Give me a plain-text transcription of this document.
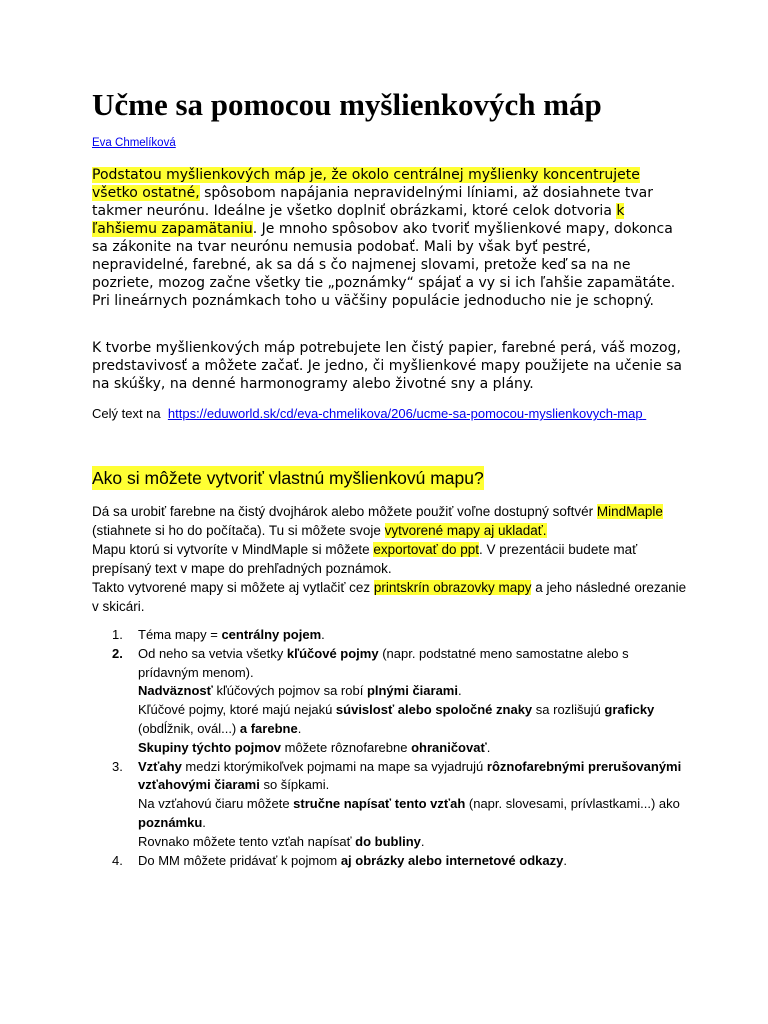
Učme sa pomocou myšlienkových máp
Eva Chmelíková

Podstatou myšlienkových máp je, že okolo centrálnej myšlienky koncentrujete všetko ostatné, spôsobom napájania nepravidelnými líniami, až dosiahnete tvar takmer neurónu. Ideálne je všetko doplniť obrázkami, ktoré celok dotvoria k ľahšiemu zapamätaniu. Je mnoho spôsobov ako tvoriť myšlienkové mapy, dokonca sa zákonite na tvar neurónu nemusia podobať. Mali by však byť pestré, nepravidelné, farebné, ak sa dá s čo najmenej slovami, pretože keď sa na ne pozriete, mozog začne všetky tie „poznámky“ spájať a vy si ich ľahšie zapamätáte. Pri lineárnych poznámkach toho u väčšiny populácie jednoducho nie je schopný.

K tvorbe myšlienkových máp potrebujete len čistý papier, farebné perá, váš mozog, predstavivosť a môžete začať. Je jedno, či myšlienkové mapy použijete na učenie sa na skúšky, na denné harmonogramy alebo životné sny a plány.

Celý text na https://eduworld.sk/cd/eva-chmelikova/206/ucme-sa-pomocou-myslienkovych-map
Ako si môžete vytvoriť vlastnú myšlienkovú mapu?

Dá sa urobiť farebne na čistý dvojhárok alebo môžete použiť voľne dostupný softvér MindMaple (stiahnete si ho do počítača). Tu si môžete svoje vytvorené mapy aj ukladať.
Mapu ktorú si vytvoríte v MindMaple si môžete exportovať do ppt. V prezentácii budete mať prepísaný text v mape do prehľadných poznámok.
Takto vytvorené mapy si môžete aj vytlačiť cez printskrín obrazovky mapy a jeho následné orezanie v skicári.

1. Téma mapy = centrálny pojem.
2. Od neho sa vetvia všetky kľúčové pojmy (napr. podstatné meno samostatne alebo s prídavným menom).
Nadväznosť kľúčových pojmov sa robí plnými čiarami.
Kľúčové pojmy, ktoré majú nejakú súvislosť alebo spoločné znaky sa rozlišujú graficky (obdĺžnik, ovál...) a farebne.
Skupiny týchto pojmov môžete rôznofarebne ohraničovať.
3. Vzťahy medzi ktorýmikoľvek pojmami na mape sa vyjadrujú rôznofarebnými prerušovanými vzťahovými čiarami so šípkami.
Na vzťahovú čiaru môžete stručne napísať tento vzťah (napr. slovesami, prívlastkami...) ako poznámku.
Rovnako môžete tento vzťah napísať do bubliny.
4. Do MM môžete pridávať k pojmom aj obrázky alebo internetové odkazy.
